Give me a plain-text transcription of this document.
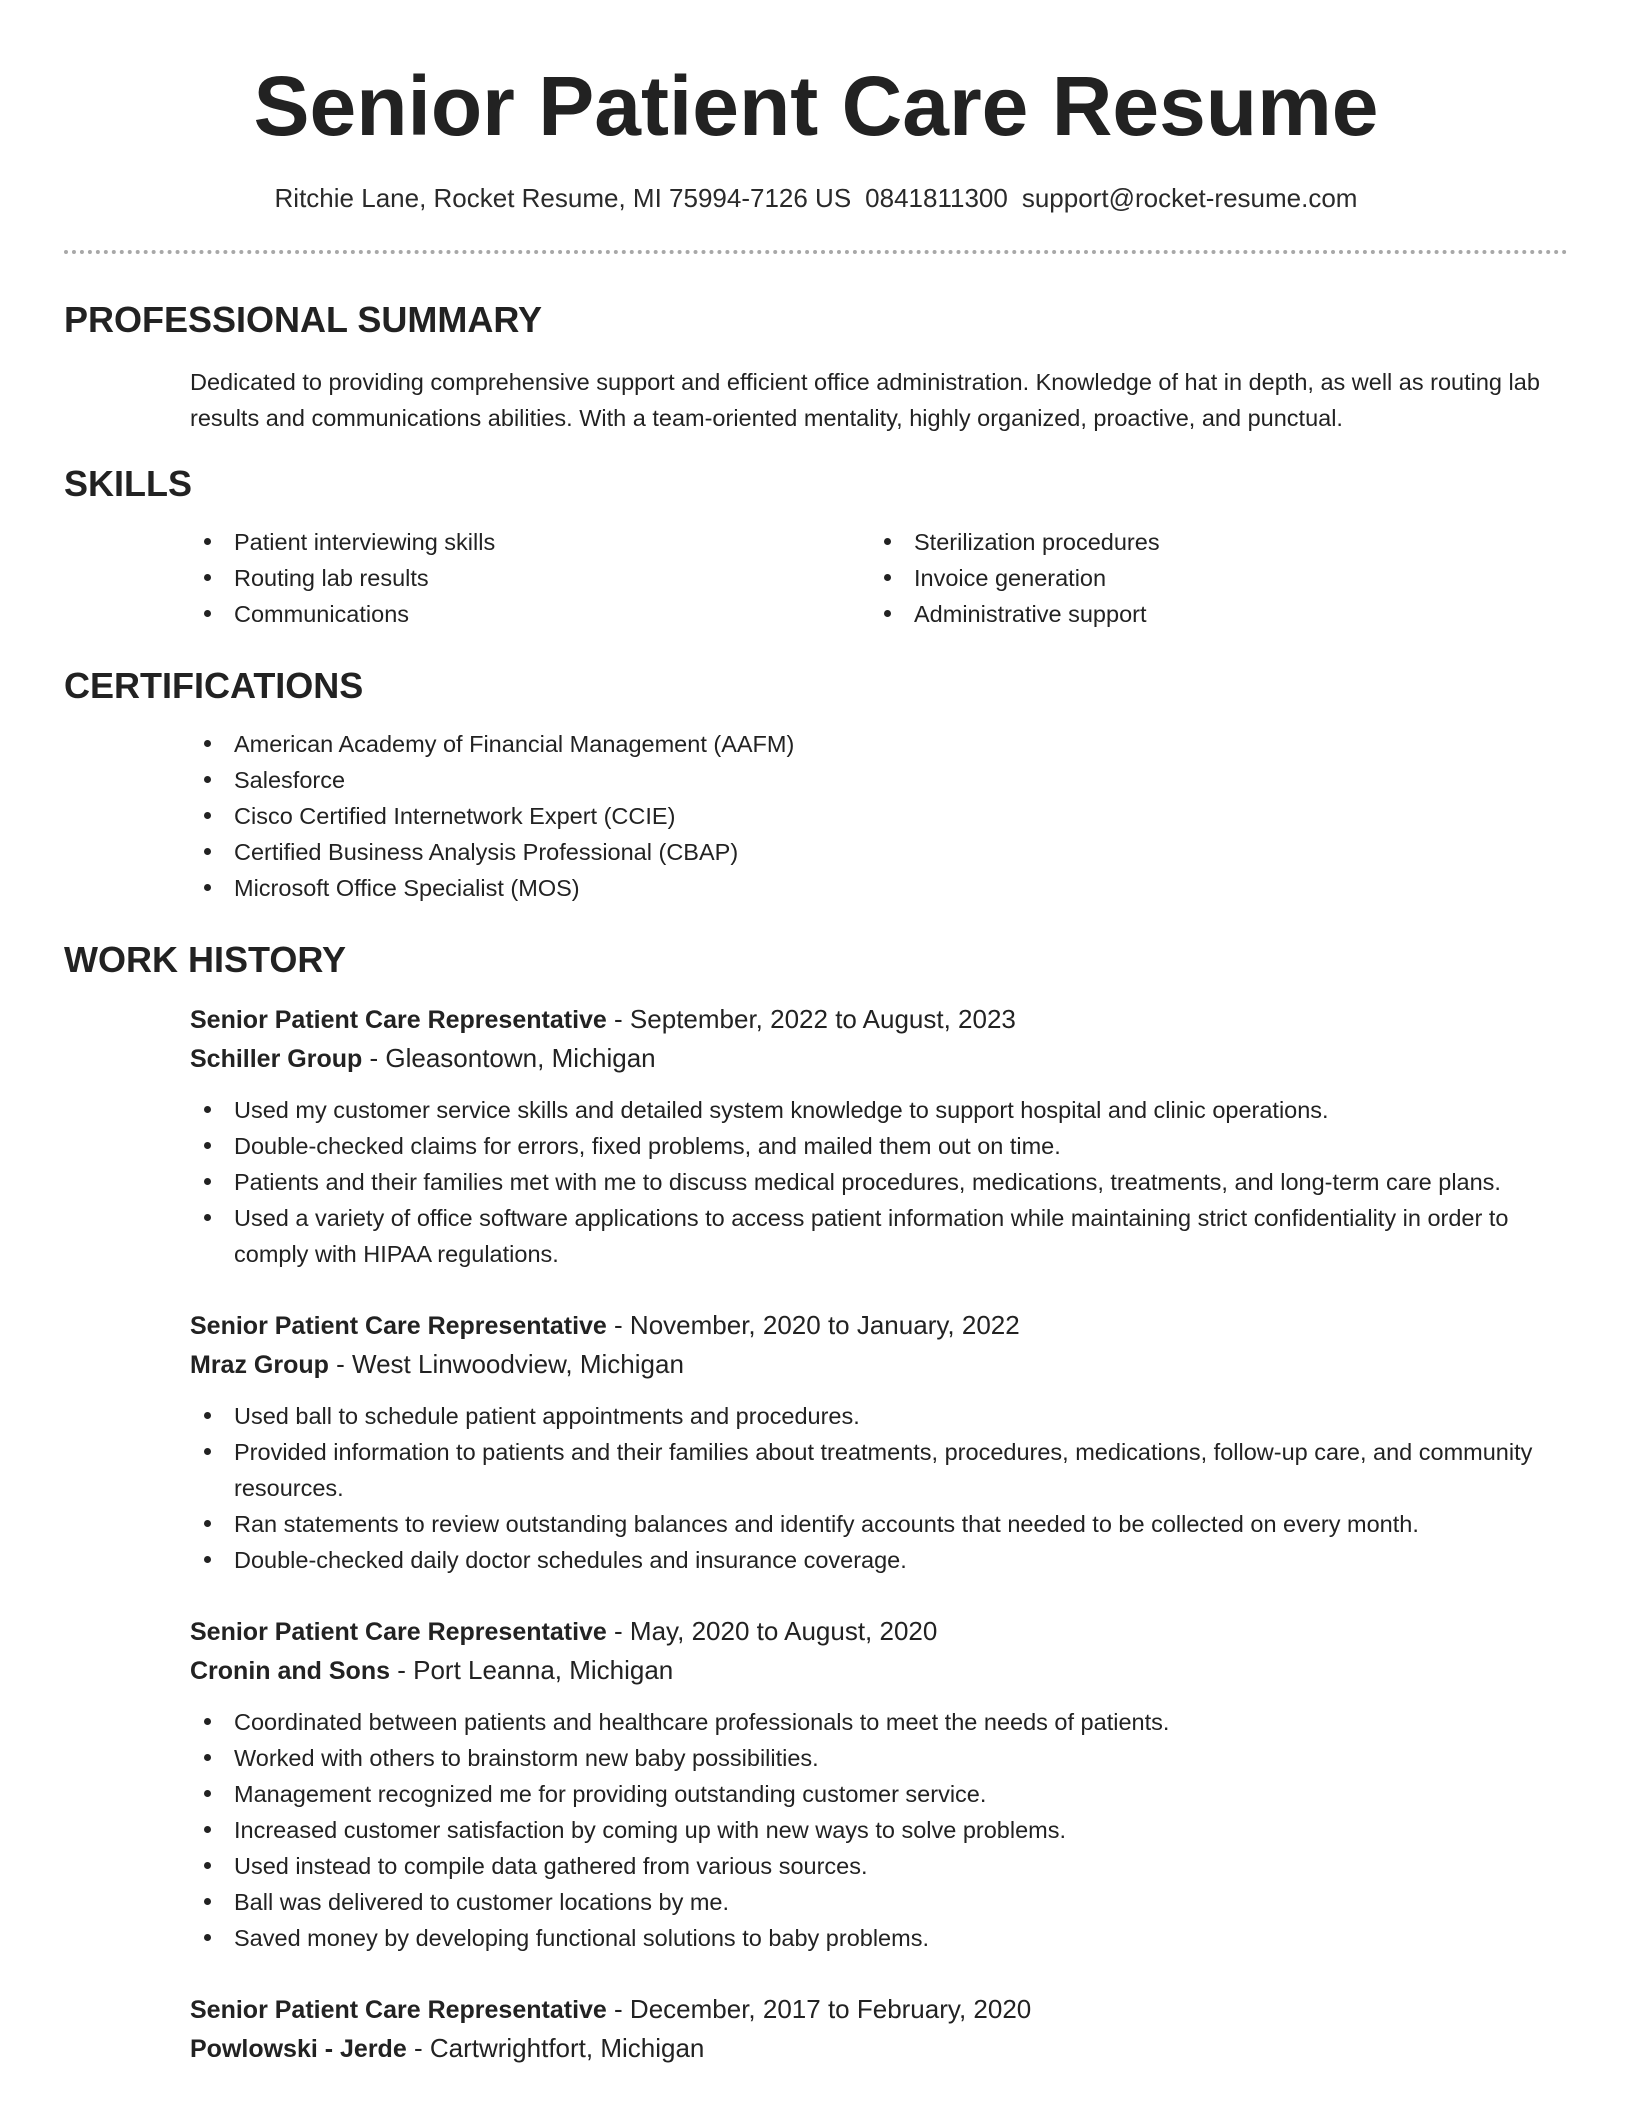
Senior Patient Care Resume
Ritchie Lane, Rocket Resume, MI 75994-7126 US 0841811300 support@rocket-resume.com
PROFESSIONAL SUMMARY

Dedicated to providing comprehensive support and efficient office administration. Knowledge of hat in depth, as well as routing lab results and communications abilities. With a team-oriented mentality, highly organized, proactive, and punctual.

SKILLS
Patient interviewing skills
Routing lab results
Communications
Sterilization procedures
Invoice generation
Administrative support
CERTIFICATIONS
American Academy of Financial Management (AAFM)
Salesforce
Cisco Certified Internetwork Expert (CCIE)
Certified Business Analysis Professional (CBAP)
Microsoft Office Specialist (MOS)
WORK HISTORY
Senior Patient Care Representative - September, 2022 to August, 2023
Schiller Group - Gleasontown, Michigan
Used my customer service skills and detailed system knowledge to support hospital and clinic operations.
Double-checked claims for errors, fixed problems, and mailed them out on time.
Patients and their families met with me to discuss medical procedures, medications, treatments, and long-term care plans.
Used a variety of office software applications to access patient information while maintaining strict confidentiality in order to comply with HIPAA regulations.
Senior Patient Care Representative - November, 2020 to January, 2022
Mraz Group - West Linwoodview, Michigan
Used ball to schedule patient appointments and procedures.
Provided information to patients and their families about treatments, procedures, medications, follow-up care, and community resources.
Ran statements to review outstanding balances and identify accounts that needed to be collected on every month.
Double-checked daily doctor schedules and insurance coverage.
Senior Patient Care Representative - May, 2020 to August, 2020
Cronin and Sons - Port Leanna, Michigan
Coordinated between patients and healthcare professionals to meet the needs of patients.
Worked with others to brainstorm new baby possibilities.
Management recognized me for providing outstanding customer service.
Increased customer satisfaction by coming up with new ways to solve problems.
Used instead to compile data gathered from various sources.
Ball was delivered to customer locations by me.
Saved money by developing functional solutions to baby problems.
Senior Patient Care Representative - December, 2017 to February, 2020
Powlowski - Jerde - Cartwrightfort, Michigan
